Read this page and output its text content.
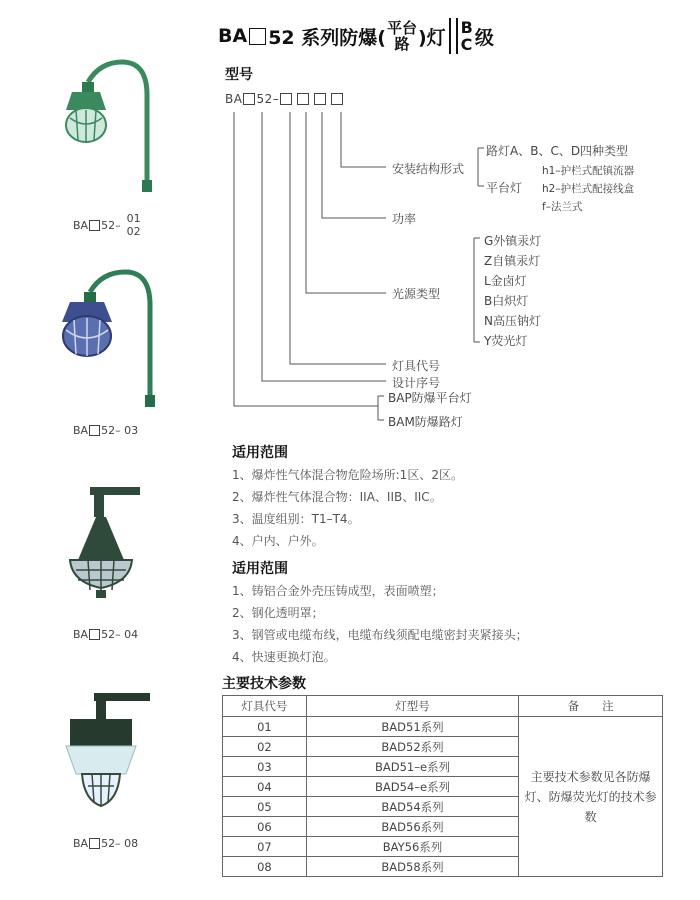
BA 52 系列防爆( 平台
路 )灯 B
C 级
BA 52– 01
02
BA 52– 03
BA 52– 04
BA 52– 08
型号
BA 52–
安装结构形式
路灯A、B、C、D四种类型
平台灯
h1–护栏式配镇流器
h2–护栏式配接线盒
f–法兰式
功率
光源类型
G外镇汞灯
Z自镇汞灯
L金卤灯
B白炽灯
N高压钠灯
Y荧光灯
灯具代号
设计序号
BAP防爆平台灯
BAM防爆路灯
适用范围
1、爆炸性气体混合物危险场所:1区、2区。
2、爆炸性气体混合物：IIA、IIB、IIC。
3、温度组别：T1–T4。
4、户内、户外。
适用范围
1、铸铝合金外壳压铸成型，表面喷塑；
2、钢化透明罩；
3、钢管或电缆布线，电缆布线须配电缆密封夹紧接头；
4、快速更换灯泡。
主要技术参数
灯具代号	灯型号	备　　注
01	BAD51系列	主要技术参数见各防爆灯、防爆荧光灯的技术参数
02	BAD52系列	
03	BAD51–e系列	
04	BAD54–e系列	
05	BAD54系列	
06	BAD56系列	
07	BAY56系列	
08	BAD58系列	
